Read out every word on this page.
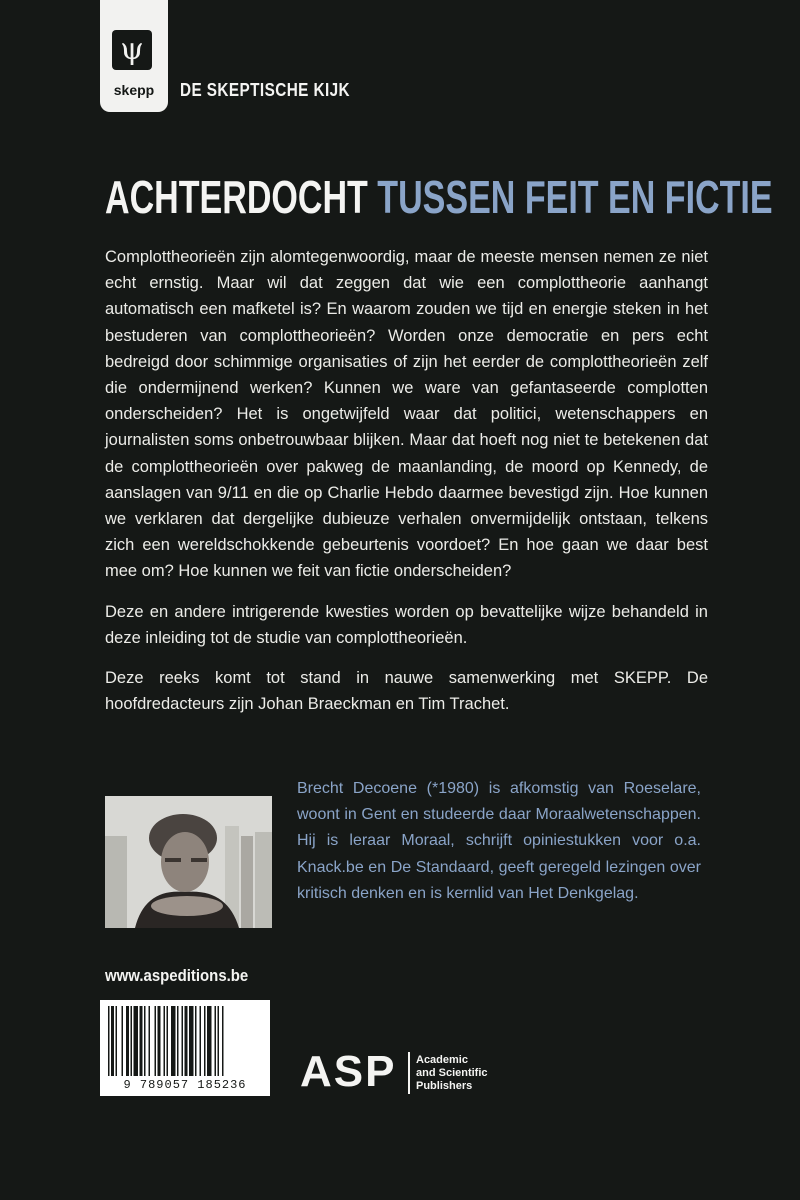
ψ
skepp	DE SKEPTISCHE KIJK
ACHTERDOCHT TUSSEN FEIT EN FICTIE

Complottheorieën zijn alomtegenwoordig, maar de meeste mensen nemen ze niet echt ernstig. Maar wil dat zeggen dat wie een complottheorie aanhangt automatisch een mafketel is? En waarom zouden we tijd en energie steken in het bestuderen van complottheorieën? Worden onze democratie en pers echt bedreigd door schimmige organisaties of zijn het eerder de complottheorieën zelf die ondermijnend werken? Kunnen we ware van gefantaseerde complotten onderscheiden? Het is ongetwijfeld waar dat politici, wetenschappers en journalisten soms onbetrouwbaar blijken. Maar dat hoeft nog niet te betekenen dat de complottheorieën over pakweg de maanlanding, de moord op Kennedy, de aanslagen van 9/11 en die op Charlie Hebdo daarmee bevestigd zijn. Hoe kunnen we verklaren dat dergelijke dubieuze verhalen onvermijdelijk ontstaan, telkens zich een wereldschokkende gebeurtenis voordoet? En hoe gaan we daar best mee om? Hoe kunnen we feit van fictie onderscheiden?

Deze en andere intrigerende kwesties worden op bevattelijke wijze behandeld in deze inleiding tot de studie van complottheorieën.

Deze reeks komt tot stand in nauwe samenwerking met SKEPP. De hoofdredacteurs zijn Johan Braeckman en Tim Trachet.

Brecht Decoene (*1980) is afkomstig van Roeselare, woont in Gent en studeerde daar Moraalwetenschappen. Hij is leraar Moraal, schrijft opiniestukken voor o.a. Knack.be en De Standaard, geeft geregeld lezingen over kritisch denken en is kernlid van Het Denkgelag.
www.aspeditions.be
9 789057 185236	ASP Academic
and Scientific
Publishers
